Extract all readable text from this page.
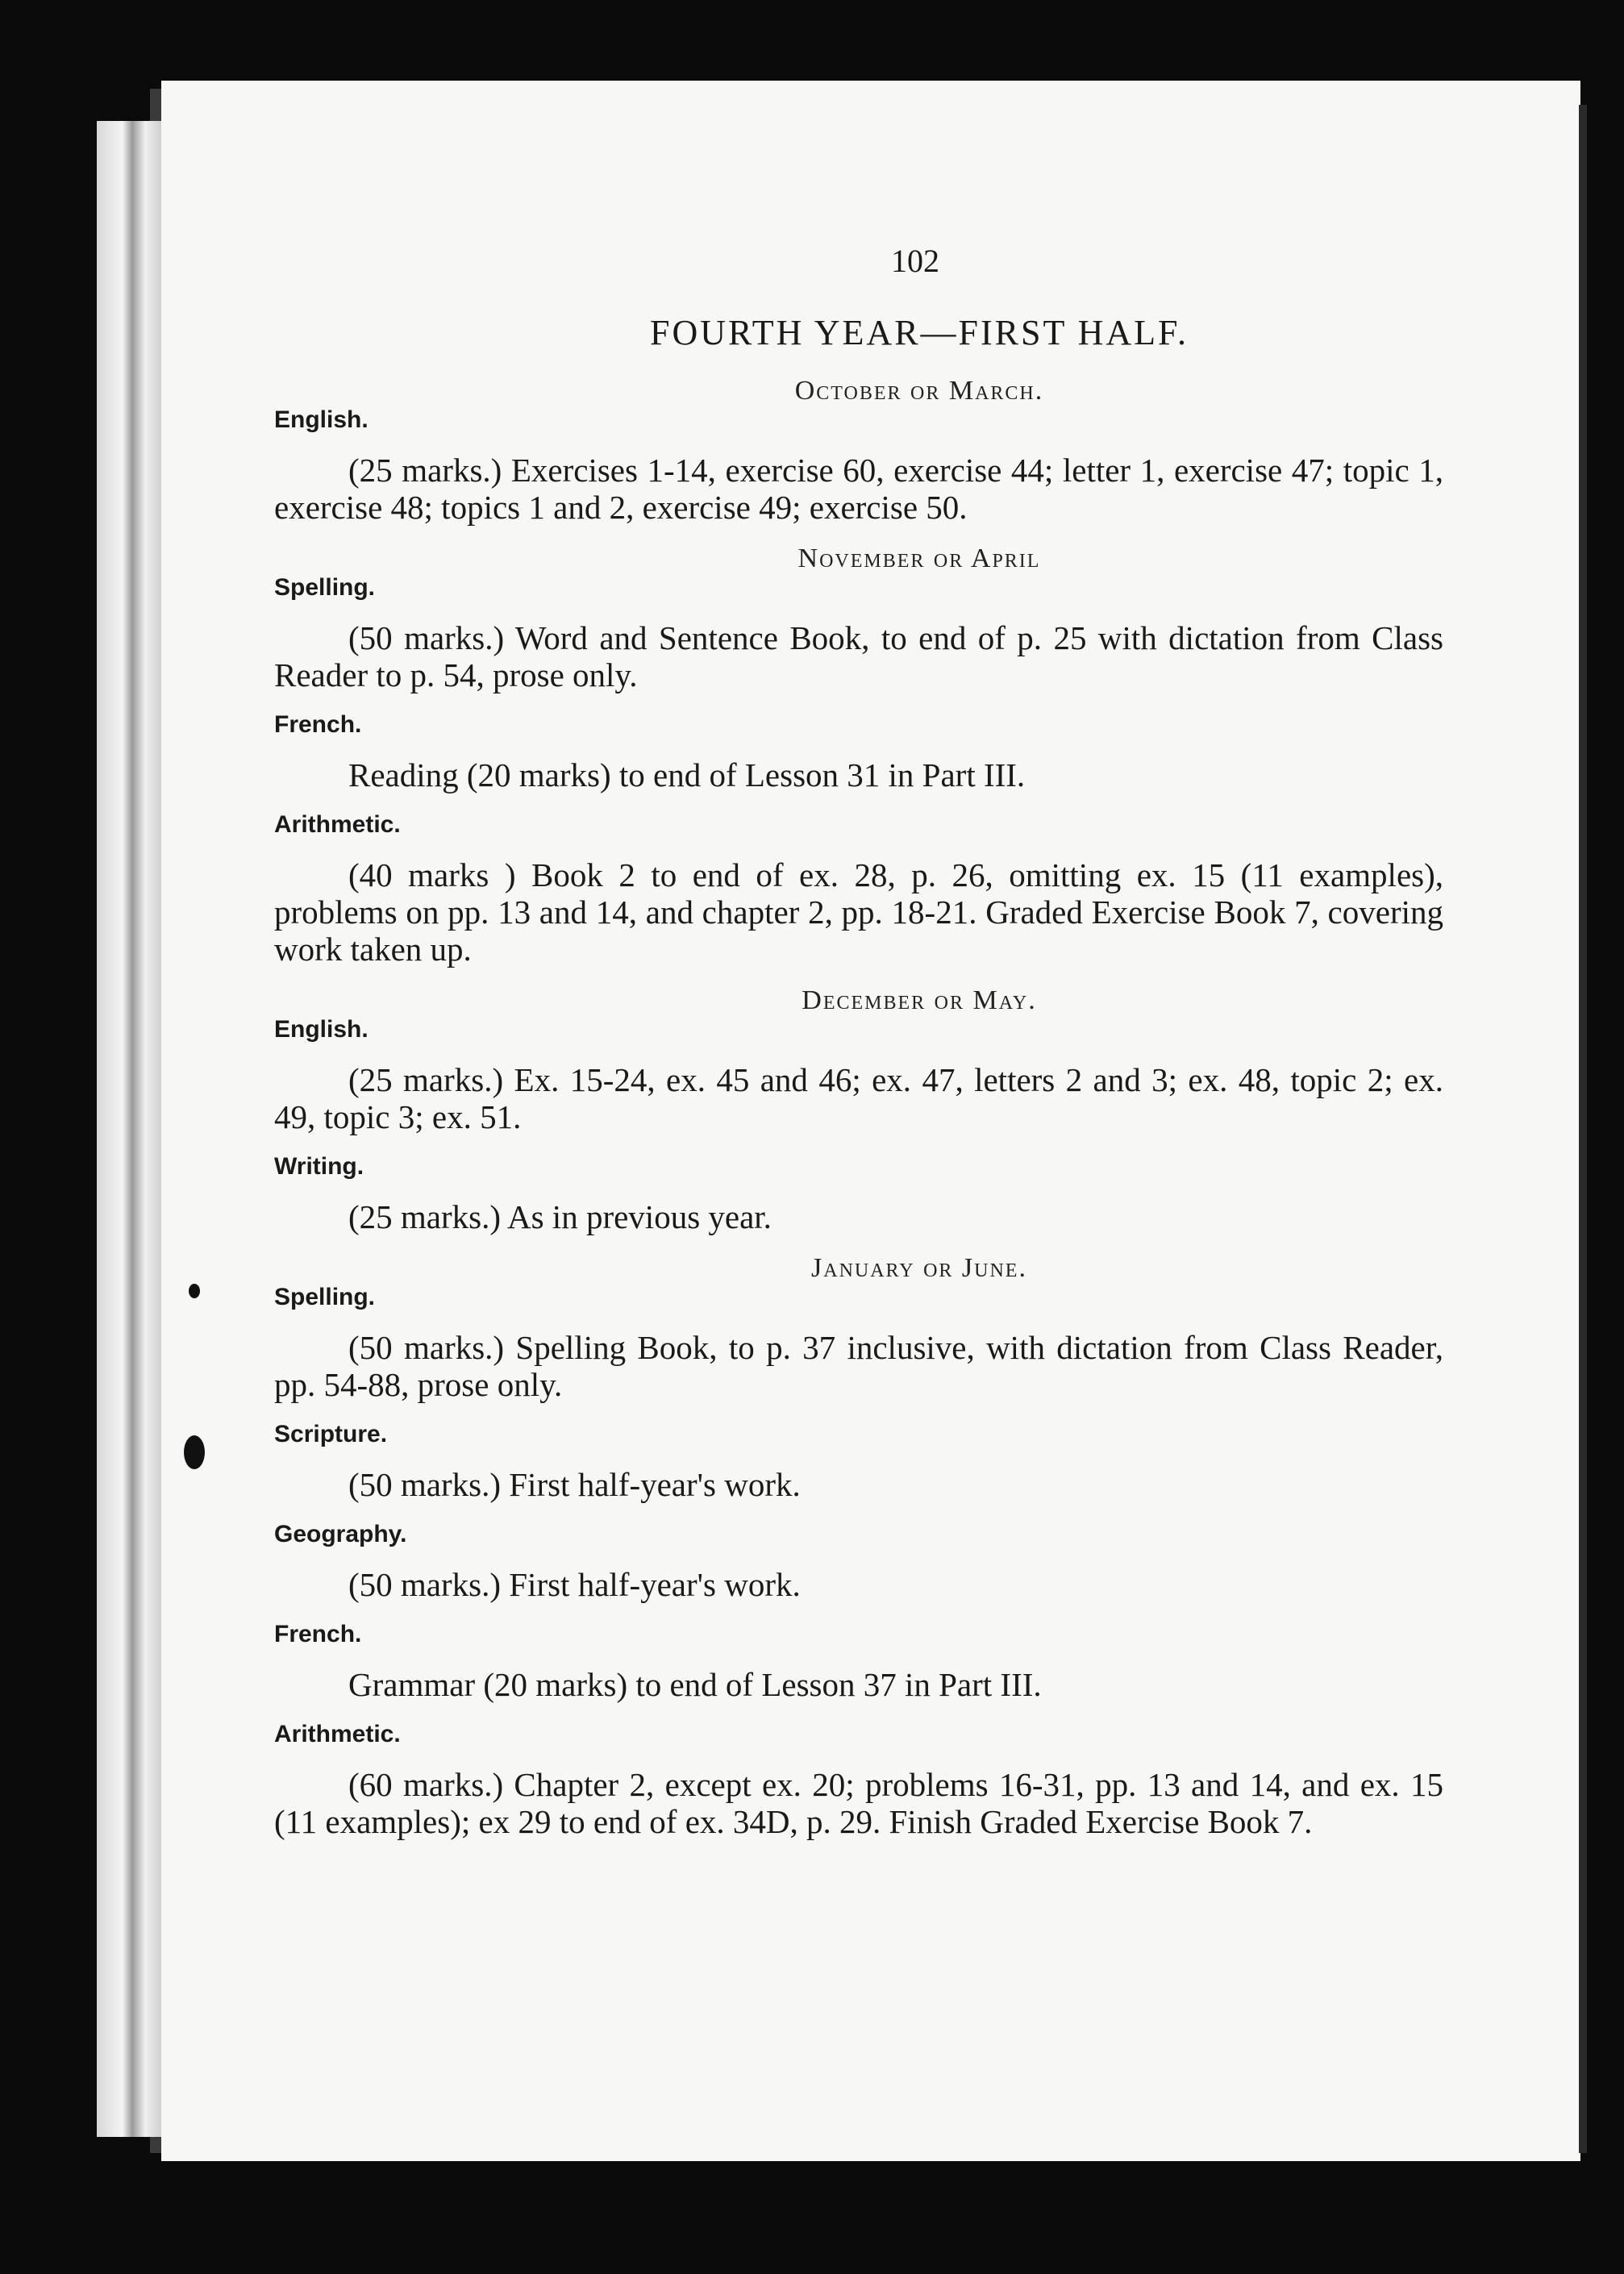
102
FOURTH YEAR—FIRST HALF.
October or March.
English.
(25 marks.) Exercises 1-14, exercise 60, exercise 44; letter 1, exercise 47; topic 1, exercise 48; topics 1 and 2, exercise 49; exercise 50.
November or April
Spelling.
(50 marks.) Word and Sentence Book, to end of p. 25 with dictation from Class Reader to p. 54, prose only.
French.
Reading (20 marks) to end of Lesson 31 in Part III.
Arithmetic.
(40 marks ) Book 2 to end of ex. 28, p. 26, omitting ex. 15 (11 examples), problems on pp. 13 and 14, and chapter 2, pp. 18-21. Graded Exercise Book 7, covering work taken up.
December or May.
English.
(25 marks.) Ex. 15-24, ex. 45 and 46; ex. 47, letters 2 and 3; ex. 48, topic 2; ex. 49, topic 3; ex. 51.
Writing.
(25 marks.) As in previous year.
January or June.
Spelling.
(50 marks.) Spelling Book, to p. 37 inclusive, with dictation from Class Reader, pp. 54-88, prose only.
Scripture.
(50 marks.) First half-year's work.
Geography.
(50 marks.) First half-year's work.
French.
Grammar (20 marks) to end of Lesson 37 in Part III.
Arithmetic.
(60 marks.) Chapter 2, except ex. 20; problems 16-31, pp. 13 and 14, and ex. 15 (11 examples); ex 29 to end of ex. 34D, p. 29. Finish Graded Exercise Book 7.
